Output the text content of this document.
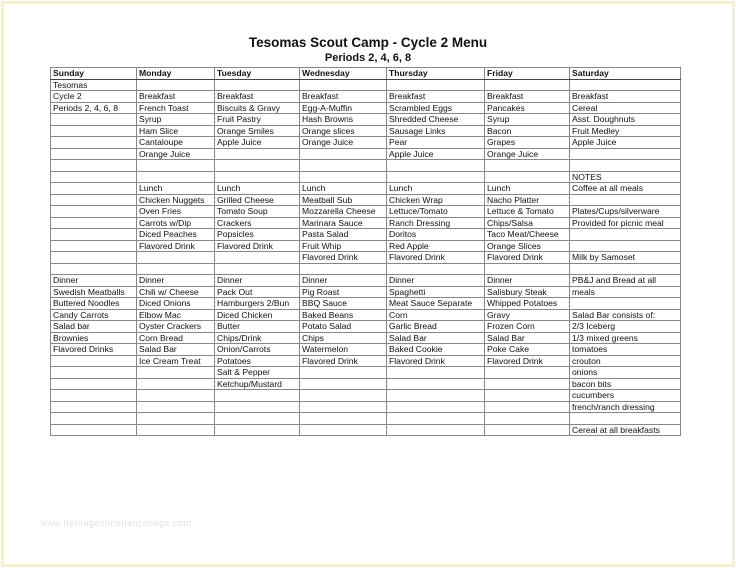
Tesomas Scout Camp - Cycle 2 Menu
Periods 2, 4, 6, 8
Sunday	Monday	Tuesday	Wednesday	Thursday	Friday	Saturday
Tesomas						
Cycle 2	Breakfast	Breakfast	Breakfast	Breakfast	Breakfast	Breakfast
Periods 2, 4, 6, 8	French Toast	Biscuits & Gravy	Egg-A-Muffin	Scrambled Eggs	Pancakes	Cereal
	Syrup	Fruit Pastry	Hash Browns	Shredded Cheese	Syrup	Asst. Doughnuts
	Ham Slice	Orange Smiles	Orange slices	Sausage Links	Bacon	Fruit Medley
	Cantaloupe	Apple Juice	Orange Juice	Pear	Grapes	Apple Juice
	Orange Juice			Apple Juice	Orange Juice	

						NOTES
	Lunch	Lunch	Lunch	Lunch	Lunch	Coffee at all meals
	Chicken Nuggets	Grilled Cheese	Meatball Sub	Chicken Wrap	Nacho Platter	
	Oven Fries	Tomato Soup	Mozzarella Cheese	Lettuce/Tomato	Lettuce & Tomato	Plates/Cups/silverware
	Carrots w/Dip	Crackers	Marinara Sauce	Ranch Dressing	Chips/Salsa	Provided for picnic meal
	Diced Peaches	Popsicles	Pasta Salad	Doritos	Taco Meat/Cheese	
	Flavored Drink	Flavored Drink	Fruit Whip	Red Apple	Orange Slices	
			Flavored Drink	Flavored Drink	Flavored Drink	Milk by Samoset

Dinner	Dinner	Dinner	Dinner	Dinner	Dinner	PB&J and Bread at all
Swedish Meatballs	Chili w/ Cheese	Pack Out	Pig Roast	Spaghetti	Salisbury Steak	meals
Buttered Noodles	Diced Onions	Hamburgers 2/Bun	BBQ Sauce	Meat Sauce Separate	Whipped Potatoes	
Candy Carrots	Elbow Mac	Diced Chicken	Baked Beans	Corn	Gravy	Salad Bar consists of:
Salad bar	Oyster Crackers	Butter	Potato Salad	Garlic Bread	Frozen Corn	2/3 Iceberg
Brownies	Corn Bread	Chips/Drink	Chips	Salad Bar	Salad Bar	1/3 mixed greens
Flavored Drinks	Salad Bar	Onion/Carrots	Watermelon	Baked Cookie	Poke Cake	tomatoes
	Ice Cream Treat	Potatoes	Flavored Drink	Flavored Drink	Flavored Drink	crouton
		Salt & Pepper				onions
		Ketchup/Mustard				bacon bits
						cucumbers
						french/ranch dressing

						Cereal at all breakfasts
www.heritagechristiancollege.com
